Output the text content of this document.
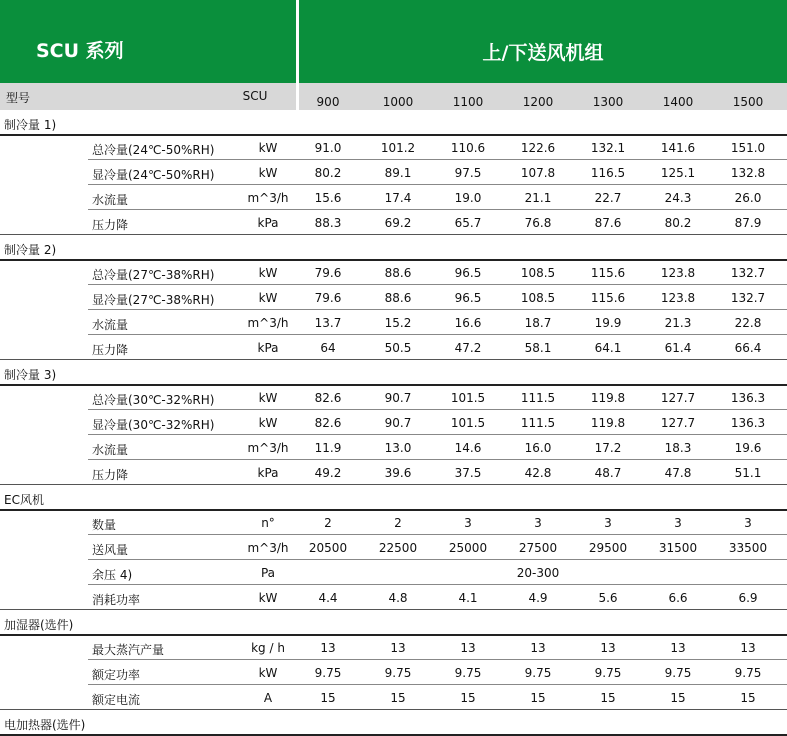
SCU 系列	上/下送风机组
型号	SCU	900	1000	1100	1200	1300	1400	1500
制冷量 1)
总冷量(24℃-50%RH)	kW	91.0	101.2	110.6	122.6	132.1	141.6	151.0
显冷量(24℃-50%RH)	kW	80.2	89.1	97.5	107.8	116.5	125.1	132.8
水流量	m^3/h	15.6	17.4	19.0	21.1	22.7	24.3	26.0
压力降	kPa	88.3	69.2	65.7	76.8	87.6	80.2	87.9
制冷量 2)
总冷量(27℃-38%RH)	kW	79.6	88.6	96.5	108.5	115.6	123.8	132.7
显冷量(27℃-38%RH)	kW	79.6	88.6	96.5	108.5	115.6	123.8	132.7
水流量	m^3/h	13.7	15.2	16.6	18.7	19.9	21.3	22.8
压力降	kPa	64	50.5	47.2	58.1	64.1	61.4	66.4
制冷量 3)
总冷量(30℃-32%RH)	kW	82.6	90.7	101.5	111.5	119.8	127.7	136.3
显冷量(30℃-32%RH)	kW	82.6	90.7	101.5	111.5	119.8	127.7	136.3
水流量	m^3/h	11.9	13.0	14.6	16.0	17.2	18.3	19.6
压力降	kPa	49.2	39.6	37.5	42.8	48.7	47.8	51.1
EC风机
数量	n°	2	2	3	3	3	3	3
送风量	m^3/h	20500	22500	25000	27500	29500	31500	33500
余压 4)	Pa	20-300
消耗功率	kW	4.4	4.8	4.1	4.9	5.6	6.6	6.9
加湿器(选件)
最大蒸汽产量	kg / h	13	13	13	13	13	13	13
额定功率	kW	9.75	9.75	9.75	9.75	9.75	9.75	9.75
额定电流	A	15	15	15	15	15	15	15
电加热器(选件)
